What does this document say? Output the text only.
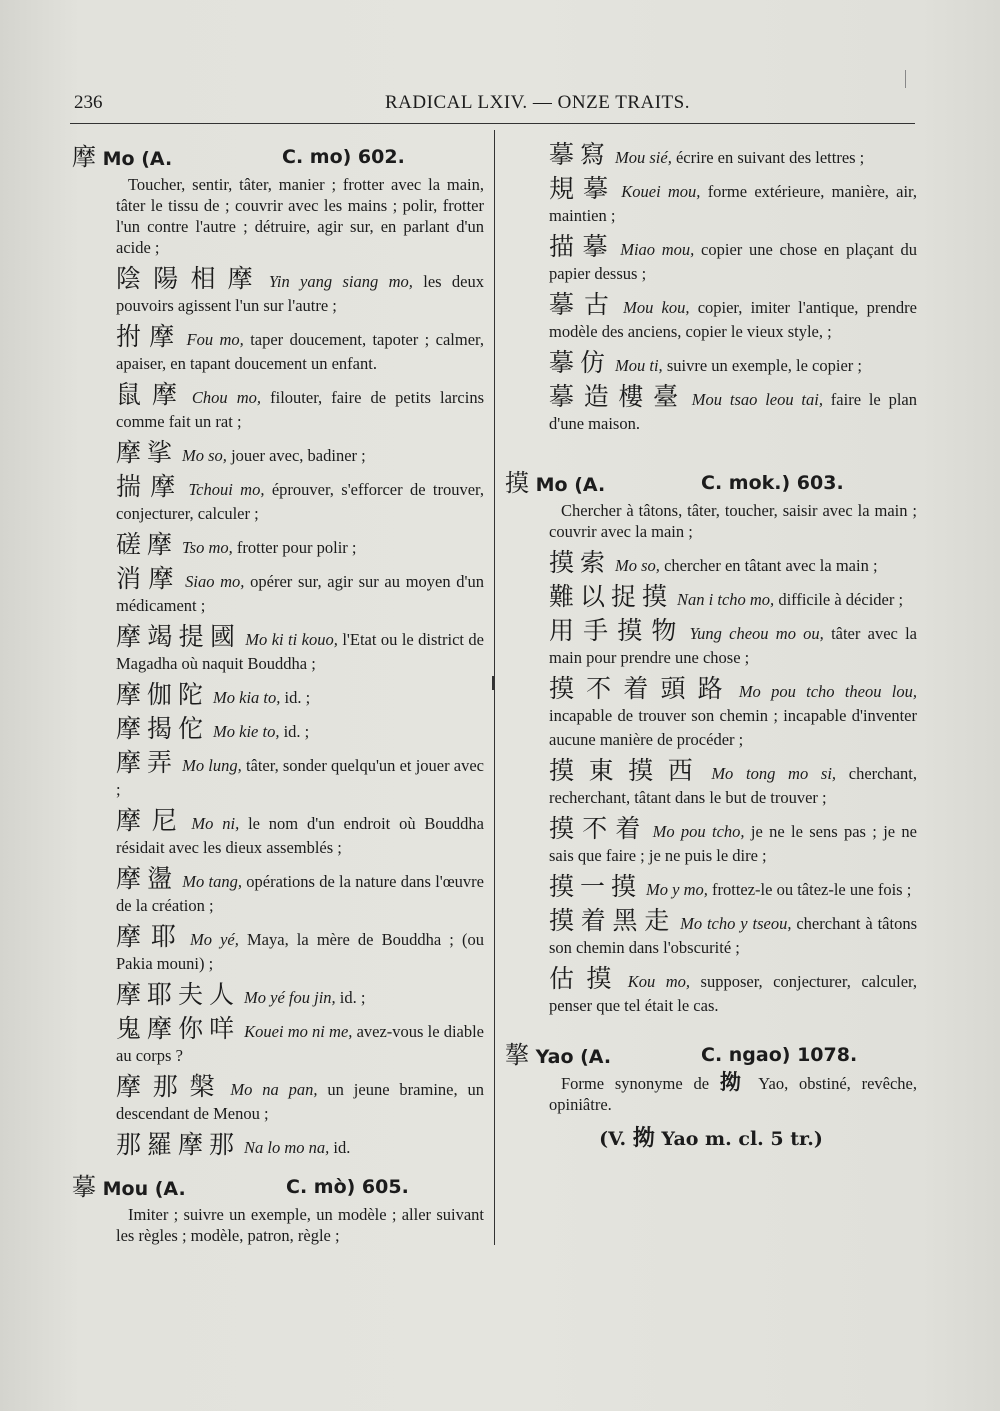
236	RADICAL LXIV. — ONZE TRAITS.
摩 Mo (A.	C. mo) 602.
Toucher, sentir, tâter, manier ; frotter avec la main, tâter le tissu de ; couvrir avec les mains ; polir, frotter l'un contre l'autre ; détruire, agir sur, en parlant d'un acide ;
陰陽相摩 Yin yang siang mo, les deux pouvoirs agissent l'un sur l'autre ;
拊摩 Fou mo, taper doucement, tapoter ; calmer, apaiser, en tapant doucement un enfant.
鼠摩 Chou mo, filouter, faire de petits larcins comme fait un rat ;
摩挲 Mo so, jouer avec, badiner ;
揣摩 Tchoui mo, éprouver, s'efforcer de trouver, conjecturer, calculer ;
磋摩 Tso mo, frotter pour polir ;
消摩 Siao mo, opérer sur, agir sur au moyen d'un médicament ;
摩竭提國 Mo ki ti kouo, l'Etat ou le district de Magadha où naquit Bouddha ;
摩伽陀 Mo kia to, id. ;
摩揭佗 Mo kie to, id. ;
摩弄 Mo lung, tâter, sonder quelqu'un et jouer avec ;
摩尼 Mo ni, le nom d'un endroit où Bouddha résidait avec les dieux assemblés ;
摩盪 Mo tang, opérations de la nature dans l'œuvre de la création ;
摩耶 Mo yé, Maya, la mère de Bouddha ; (ou Pakia mouni) ;
摩耶夫人 Mo yé fou jin, id. ;
鬼摩你咩 Kouei mo ni me, avez-vous le diable au corps ?
摩那槃 Mo na pan, un jeune bramine, un descendant de Menou ;
那羅摩那 Na lo mo na, id.
摹 Mou (A.	C. mò) 605.
Imiter ; suivre un exemple, un modèle ; aller suivant les règles ; modèle, patron, règle ;
摹寫 Mou sié, écrire en suivant des lettres ;
規摹 Kouei mou, forme extérieure, manière, air, maintien ;
描摹 Miao mou, copier une chose en plaçant du papier dessus ;
摹古 Mou kou, copier, imiter l'antique, prendre modèle des anciens, copier le vieux style, ;
摹仿 Mou ti, suivre un exemple, le copier ;
摹造樓臺 Mou tsao leou tai, faire le plan d'une maison.
摸 Mo (A.	C. mok.) 603.
Chercher à tâtons, tâter, toucher, saisir avec la main ; couvrir avec la main ;
摸索 Mo so, chercher en tâtant avec la main ;
難以捉摸 Nan i tcho mo, difficile à décider ;
用手摸物 Yung cheou mo ou, tâter avec la main pour prendre une chose ;
摸不着頭路 Mo pou tcho theou lou, incapable de trouver son chemin ; incapable d'inventer aucune manière de procéder ;
摸東摸西 Mo tong mo si, cherchant, recherchant, tâtant dans le but de trouver ;
摸不着 Mo pou tcho, je ne le sens pas ; je ne sais que faire ; je ne puis le dire ;
摸一摸 Mo y mo, frottez-le ou tâtez-le une fois ;
摸着黑走 Mo tcho y tseou, cherchant à tâtons son chemin dans l'obscurité ;
估摸 Kou mo, supposer, conjecturer, calculer, penser que tel était le cas.
摮 Yao (A.	C. ngao) 1078.
Forme synonyme de 拗 Yao, obstiné, revêche, opiniâtre.
(V. 拗 Yao m. cl. 5 tr.)
